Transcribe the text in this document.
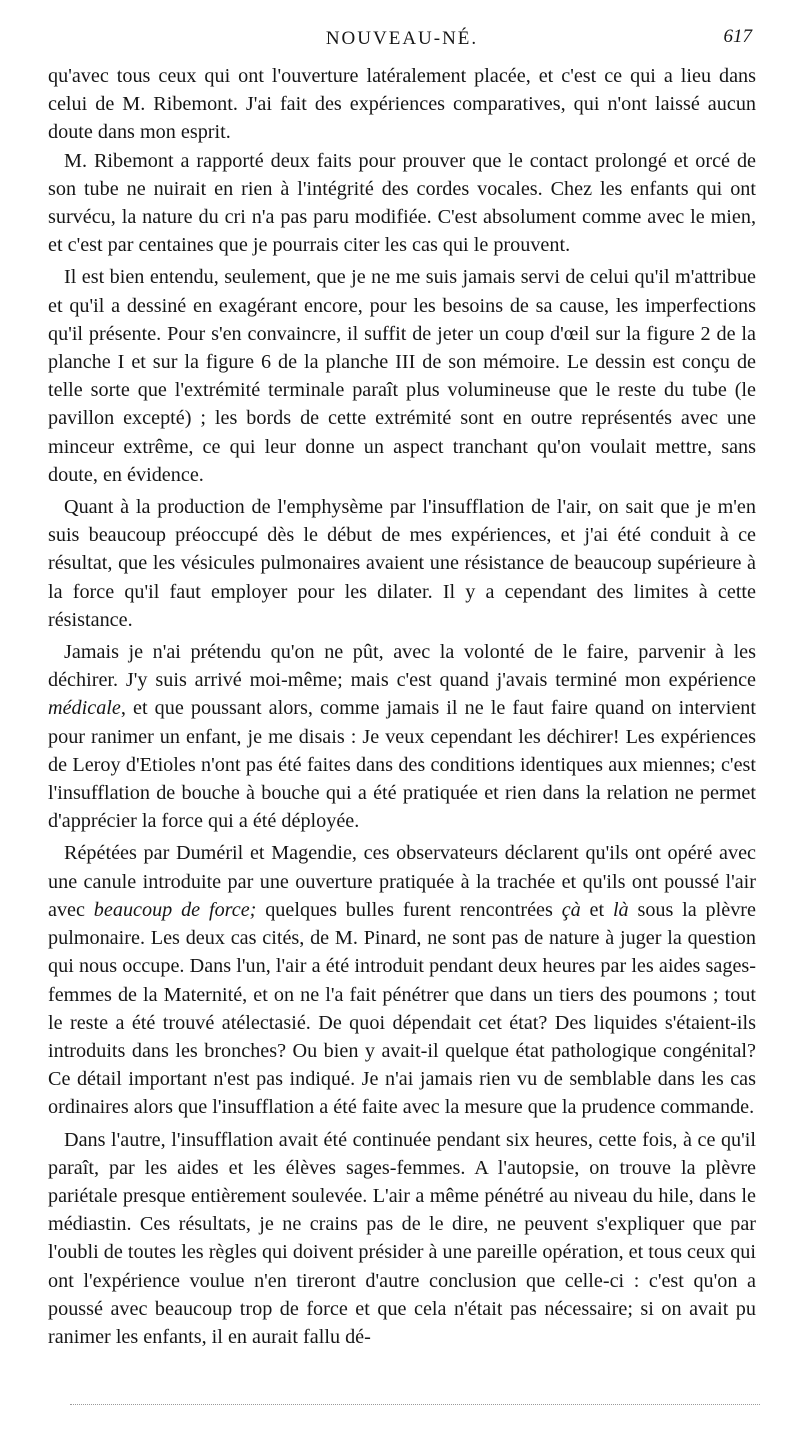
NOUVEAU-NÉ.	617

qu'avec tous ceux qui ont l'ouverture latéralement placée, et c'est ce qui a lieu dans celui de M. Ribemont. J'ai fait des expériences comparatives, qui n'ont laissé aucun doute dans mon esprit.

M. Ribemont a rapporté deux faits pour prouver que le contact prolongé et orcé de son tube ne nuirait en rien à l'intégrité des cordes vocales. Chez les enfants qui ont survécu, la nature du cri n'a pas paru modifiée. C'est absolument comme avec le mien, et c'est par centaines que je pourrais citer les cas qui le prouvent.

Il est bien entendu, seulement, que je ne me suis jamais servi de celui qu'il m'attribue et qu'il a dessiné en exagérant encore, pour les besoins de sa cause, les imperfections qu'il présente. Pour s'en convaincre, il suffit de jeter un coup d'œil sur la figure 2 de la planche I et sur la figure 6 de la planche III de son mémoire. Le dessin est conçu de telle sorte que l'extrémité terminale paraît plus volumineuse que le reste du tube (le pavillon excepté) ; les bords de cette extrémité sont en outre représentés avec une minceur extrême, ce qui leur donne un aspect tranchant qu'on voulait mettre, sans doute, en évidence.

Quant à la production de l'emphysème par l'insufflation de l'air, on sait que je m'en suis beaucoup préoccupé dès le début de mes expériences, et j'ai été conduit à ce résultat, que les vésicules pulmonaires avaient une résistance de beaucoup supérieure à la force qu'il faut employer pour les dilater. Il y a cependant des limites à cette résistance.

Jamais je n'ai prétendu qu'on ne pût, avec la volonté de le faire, parvenir à les déchirer. J'y suis arrivé moi-même; mais c'est quand j'avais terminé mon expérience médicale, et que poussant alors, comme jamais il ne le faut faire quand on intervient pour ranimer un enfant, je me disais : Je veux cependant les déchirer! Les expériences de Leroy d'Etioles n'ont pas été faites dans des conditions identiques aux miennes; c'est l'insufflation de bouche à bouche qui a été pratiquée et rien dans la relation ne permet d'apprécier la force qui a été déployée.

Répétées par Duméril et Magendie, ces observateurs déclarent qu'ils ont opéré avec une canule introduite par une ouverture pratiquée à la trachée et qu'ils ont poussé l'air avec beaucoup de force; quelques bulles furent rencontrées çà et là sous la plèvre pulmonaire. Les deux cas cités, de M. Pinard, ne sont pas de nature à juger la question qui nous occupe. Dans l'un, l'air a été introduit pendant deux heures par les aides sages-femmes de la Maternité, et on ne l'a fait pénétrer que dans un tiers des poumons ; tout le reste a été trouvé atélectasié. De quoi dépendait cet état? Des liquides s'étaient-ils introduits dans les bronches? Ou bien y avait-il quelque état pathologique congénital? Ce détail important n'est pas indiqué. Je n'ai jamais rien vu de semblable dans les cas ordinaires alors que l'insufflation a été faite avec la mesure que la prudence commande.

Dans l'autre, l'insufflation avait été continuée pendant six heures, cette fois, à ce qu'il paraît, par les aides et les élèves sages-femmes. A l'autopsie, on trouve la plèvre pariétale presque entièrement soulevée. L'air a même pénétré au niveau du hile, dans le médiastin. Ces résultats, je ne crains pas de le dire, ne peuvent s'expliquer que par l'oubli de toutes les règles qui doivent présider à une pareille opération, et tous ceux qui ont l'expérience voulue n'en tireront d'autre conclusion que celle-ci : c'est qu'on a poussé avec beaucoup trop de force et que cela n'était pas nécessaire; si on avait pu ranimer les enfants, il en aurait fallu dé-
